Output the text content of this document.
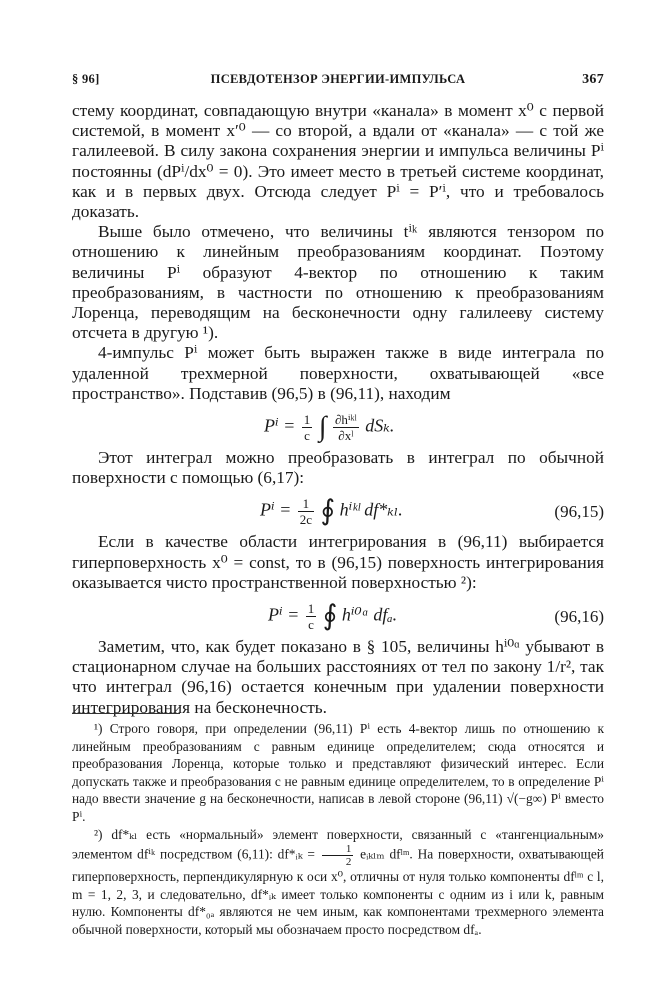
§ 96]	ПСЕВДОТЕНЗОР ЭНЕРГИИ-ИМПУЛЬСА	367

стему координат, совпадающую внутри «канала» в момент x⁰ с первой системой, в момент x′⁰ — со второй, а вдали от «канала» — с той же галилеевой. В силу закона сохранения энергии и импульса величины Pⁱ постоянны (dPⁱ/dx⁰ = 0). Это имеет место в третьей системе координат, как и в первых двух. Отсюда следует Pⁱ = P′ⁱ, что и требовалось доказать.

Выше было отмечено, что величины tⁱᵏ являются тензором по отношению к линейным преобразованиям координат. Поэтому величины Pⁱ образуют 4-вектор по отношению к таким преобразованиям, в частности по отношению к преобразованиям Лоренца, переводящим на бесконечности одну галилееву систему отсчета в другую ¹).

4-импульс Pⁱ может быть выражен также в виде интеграла по удаленной трехмерной поверхности, охватывающей «все пространство». Подставив (96,5) в (96,11), находим

$P^i = \frac{1}{c}$ ∫ $\frac{\text{∂hⁱᵏˡ}}{\text{∂xˡ}} dS_k$.

Этот интеграл можно преобразовать в интеграл по обычной поверхности с помощью (6,17):

$P^i = \frac{1}{2c}$ ∮ hⁱᵏˡ df*ₖₗ.	(96,15)

Если в качестве области интегрирования в (96,11) выбирается гиперповерхность x⁰ = const, то в (96,15) поверхность интегрирования оказывается чисто пространственной поверхностью ²):

$P^i = \frac{1}{c}$ ∮ hⁱ⁰ᵅ dfₐ.	(96,16)

Заметим, что, как будет показано в § 105, величины hⁱ⁰ᵅ убывают в стационарном случае на больших расстояниях от тел по закону 1/r², так что интеграл (96,16) остается конечным при удалении поверхности интегрирования на бесконечность.

¹) Строго говоря, при определении (96,11) Pⁱ есть 4-вектор лишь по отношению к линейным преобразованиям с равным единице определителем; сюда относятся и преобразования Лоренца, которые только и представляют физический интерес. Если допускать также и преобразования с не равным единице определителем, то в определение Pⁱ надо ввести значение g на бесконечности, написав в левой стороне (96,11) √(−g∞) Pⁱ вместо Pⁱ.

²) df*ₖₗ есть «нормальный» элемент поверхности, связанный с «тангенциальным» элементом dfⁱᵏ посредством (6,11): df*ᵢₖ = $\frac{1}{2}$ eᵢₖₗₘ dfˡᵐ. На поверхности, охватывающей гиперповерхность, перпендикулярную к оси x⁰, отличны от нуля только компоненты dfˡᵐ с l, m = 1, 2, 3, и следовательно, df*ᵢₖ имеет только компоненты с одним из i или k, равным нулю. Компоненты df*₀ₐ являются не чем иным, как компонентами трехмерного элемента обычной поверхности, который мы обозначаем просто посредством dfₐ.
